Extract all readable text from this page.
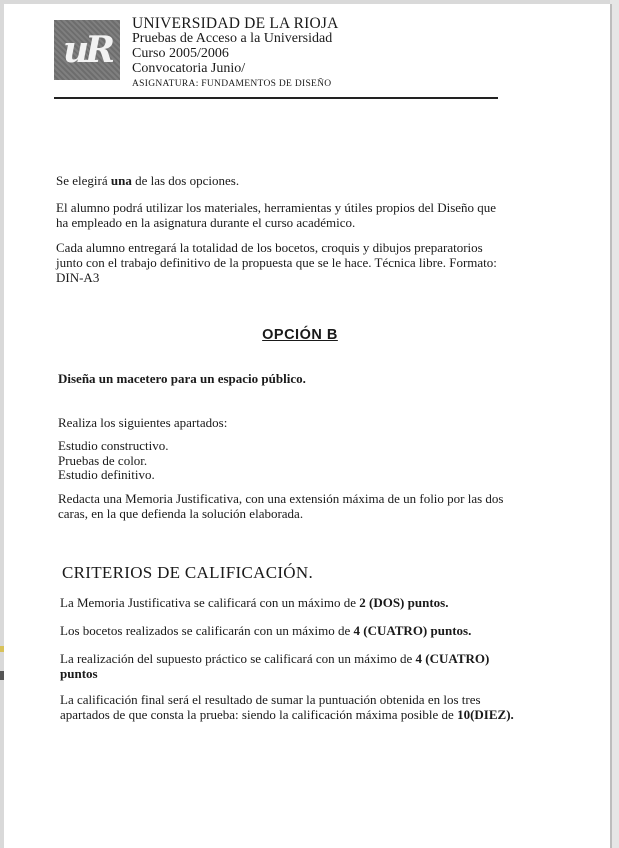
uR
UNIVERSIDAD DE LA RIOJA
Pruebas de Acceso a la Universidad
Curso 2005/2006
Convocatoria Junio/
ASIGNATURA: FUNDAMENTOS DE DISEÑO
Se elegirá una de las dos opciones.
El alumno podrá utilizar los materiales, herramientas y útiles propios del Diseño que ha empleado en la asignatura durante el curso académico.
Cada alumno entregará la totalidad de los bocetos, croquis y dibujos preparatorios junto con el trabajo definitivo de la propuesta que se le hace. Técnica libre. Formato: DIN-A3
OPCIÓN B
Diseña un macetero para un espacio público.
Realiza los siguientes apartados:
Estudio constructivo.
Pruebas de color.
Estudio definitivo.
Redacta una Memoria Justificativa, con una extensión máxima de un folio por las dos caras, en la que defienda la solución elaborada.
CRITERIOS DE CALIFICACIÓN.
La Memoria Justificativa se calificará con un máximo de 2 (DOS) puntos.
Los bocetos realizados se calificarán con un máximo de 4 (CUATRO) puntos.
La realización del supuesto práctico se calificará con un máximo de 4 (CUATRO) puntos
La calificación final será el resultado de sumar la puntuación obtenida en los tres apartados de que consta la prueba: siendo la calificación máxima posible de 10(DIEZ).
